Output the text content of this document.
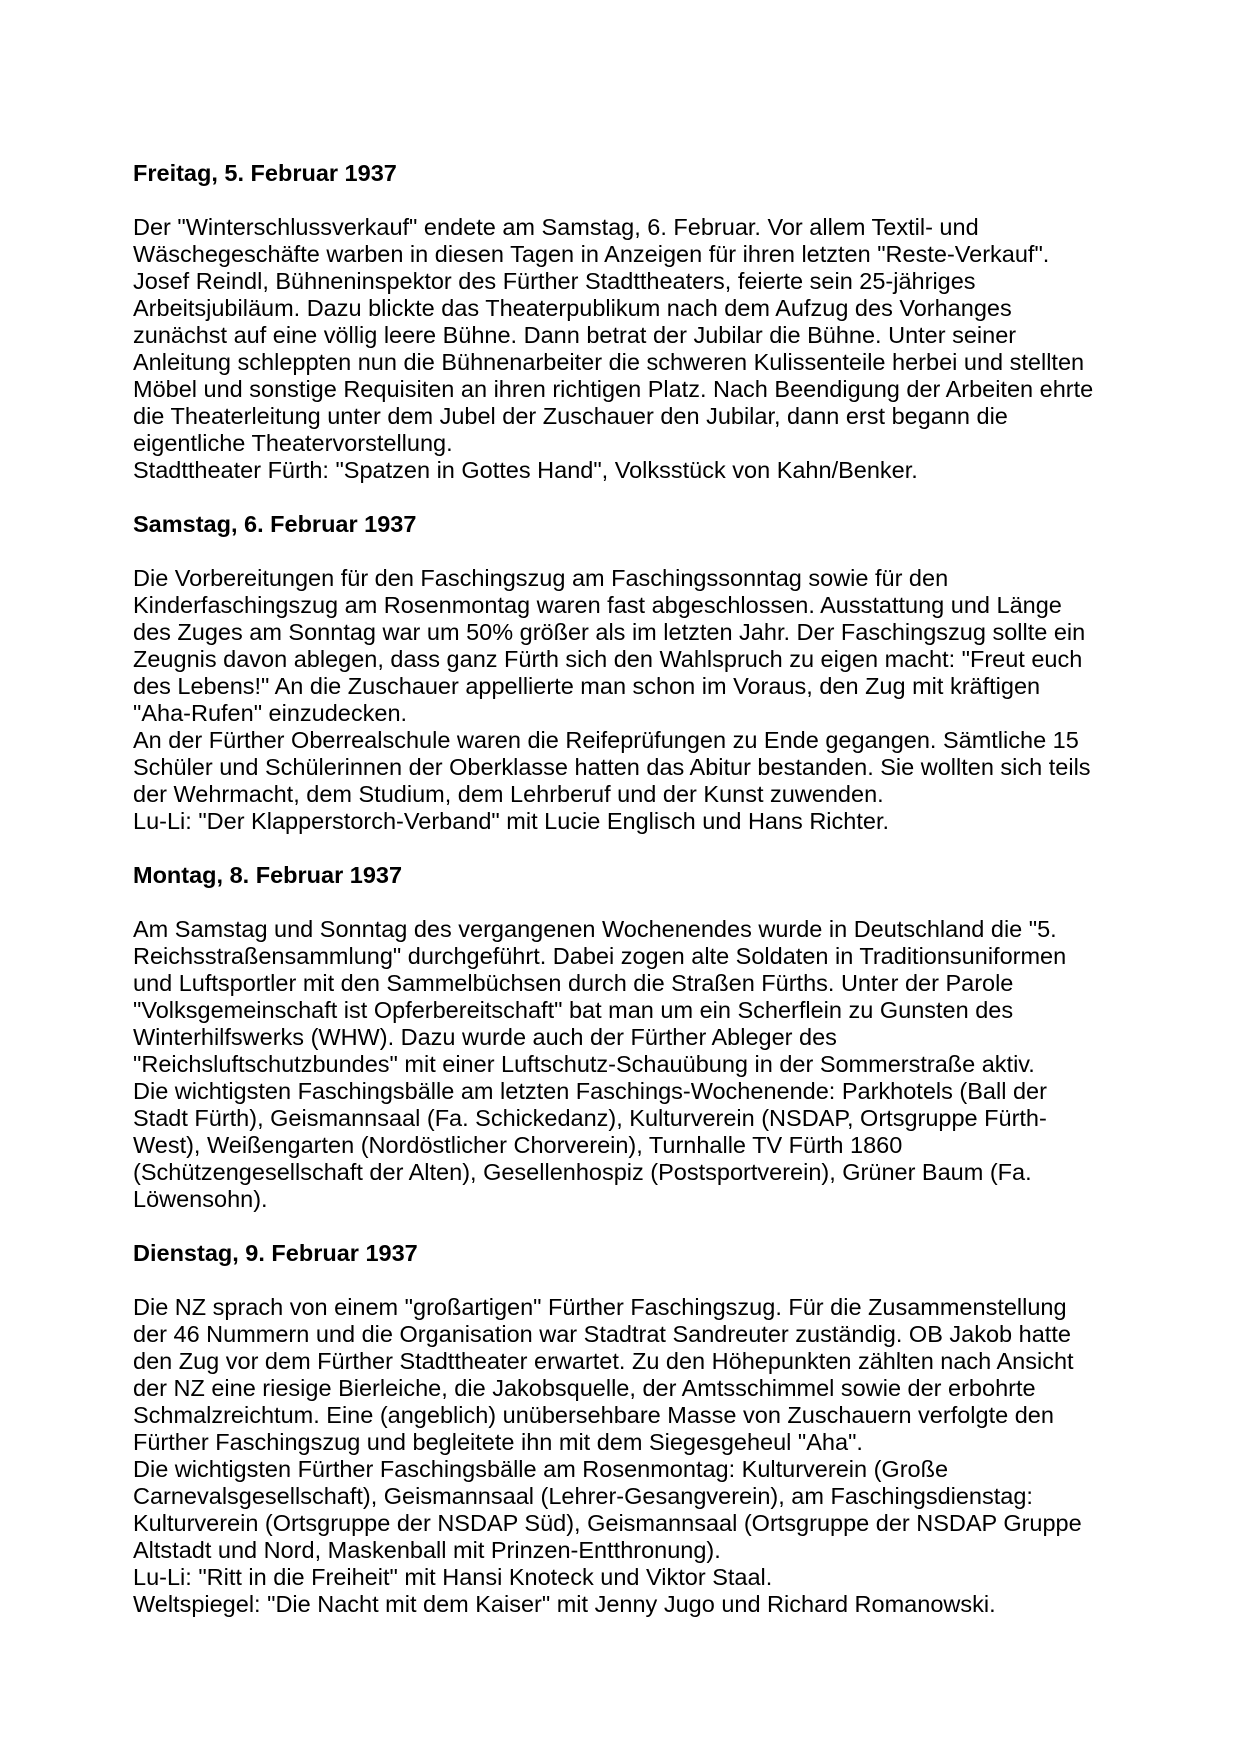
Freitag, 5. Februar 1937
Der "Winterschlussverkauf" endete am Samstag, 6. Februar. Vor allem Textil- und
Wäschegeschäfte warben in diesen Tagen in Anzeigen für ihren letzten "Reste-Verkauf".
Josef Reindl, Bühneninspektor des Fürther Stadttheaters, feierte sein 25-jähriges
Arbeitsjubiläum. Dazu blickte das Theaterpublikum nach dem Aufzug des Vorhanges
zunächst auf eine völlig leere Bühne. Dann betrat der Jubilar die Bühne. Unter seiner
Anleitung schleppten nun die Bühnenarbeiter die schweren Kulissenteile herbei und stellten
Möbel und sonstige Requisiten an ihren richtigen Platz. Nach Beendigung der Arbeiten ehrte
die Theaterleitung unter dem Jubel der Zuschauer den Jubilar, dann erst begann die
eigentliche Theatervorstellung.
Stadttheater Fürth: "Spatzen in Gottes Hand", Volksstück von Kahn/Benker.
Samstag, 6. Februar 1937
Die Vorbereitungen für den Faschingszug am Faschingssonntag sowie für den
Kinderfaschingszug am Rosenmontag waren fast abgeschlossen. Ausstattung und Länge
des Zuges am Sonntag war um 50% größer als im letzten Jahr. Der Faschingszug sollte ein
Zeugnis davon ablegen, dass ganz Fürth sich den Wahlspruch zu eigen macht: "Freut euch
des Lebens!" An die Zuschauer appellierte man schon im Voraus, den Zug mit kräftigen
"Aha-Rufen" einzudecken.
An der Fürther Oberrealschule waren die Reifeprüfungen zu Ende gegangen. Sämtliche 15
Schüler und Schülerinnen der Oberklasse hatten das Abitur bestanden. Sie wollten sich teils
der Wehrmacht, dem Studium, dem Lehrberuf und der Kunst zuwenden.
Lu-Li: "Der Klapperstorch-Verband" mit Lucie Englisch und Hans Richter.
Montag, 8. Februar 1937
Am Samstag und Sonntag des vergangenen Wochenendes wurde in Deutschland die "5.
Reichsstraßensammlung" durchgeführt. Dabei zogen alte Soldaten in Traditionsuniformen
und Luftsportler mit den Sammelbüchsen durch die Straßen Fürths. Unter der Parole
"Volksgemeinschaft ist Opferbereitschaft" bat man um ein Scherflein zu Gunsten des
Winterhilfswerks (WHW). Dazu wurde auch der Fürther Ableger des
"Reichsluftschutzbundes" mit einer Luftschutz-Schauübung in der Sommerstraße aktiv.
Die wichtigsten Faschingsbälle am letzten Faschings-Wochenende: Parkhotels (Ball der
Stadt Fürth), Geismannsaal (Fa. Schickedanz), Kulturverein (NSDAP, Ortsgruppe Fürth-
West), Weißengarten (Nordöstlicher Chorverein), Turnhalle TV Fürth 1860
(Schützengesellschaft der Alten), Gesellenhospiz (Postsportverein), Grüner Baum (Fa.
Löwensohn).
Dienstag, 9. Februar 1937
Die NZ sprach von einem "großartigen" Fürther Faschingszug. Für die Zusammenstellung
der 46 Nummern und die Organisation war Stadtrat Sandreuter zuständig. OB Jakob hatte
den Zug vor dem Fürther Stadttheater erwartet. Zu den Höhepunkten zählten nach Ansicht
der NZ eine riesige Bierleiche, die Jakobsquelle, der Amtsschimmel sowie der erbohrte
Schmalzreichtum. Eine (angeblich) unübersehbare Masse von Zuschauern verfolgte den
Fürther Faschingszug und begleitete ihn mit dem Siegesgeheul "Aha".
Die wichtigsten Fürther Faschingsbälle am Rosenmontag: Kulturverein (Große
Carnevalsgesellschaft), Geismannsaal (Lehrer-Gesangverein), am Faschingsdienstag:
Kulturverein (Ortsgruppe der NSDAP Süd), Geismannsaal (Ortsgruppe der NSDAP Gruppe
Altstadt und Nord, Maskenball mit Prinzen-Entthronung).
Lu-Li: "Ritt in die Freiheit" mit Hansi Knoteck und Viktor Staal.
Weltspiegel: "Die Nacht mit dem Kaiser" mit Jenny Jugo und Richard Romanowski.
